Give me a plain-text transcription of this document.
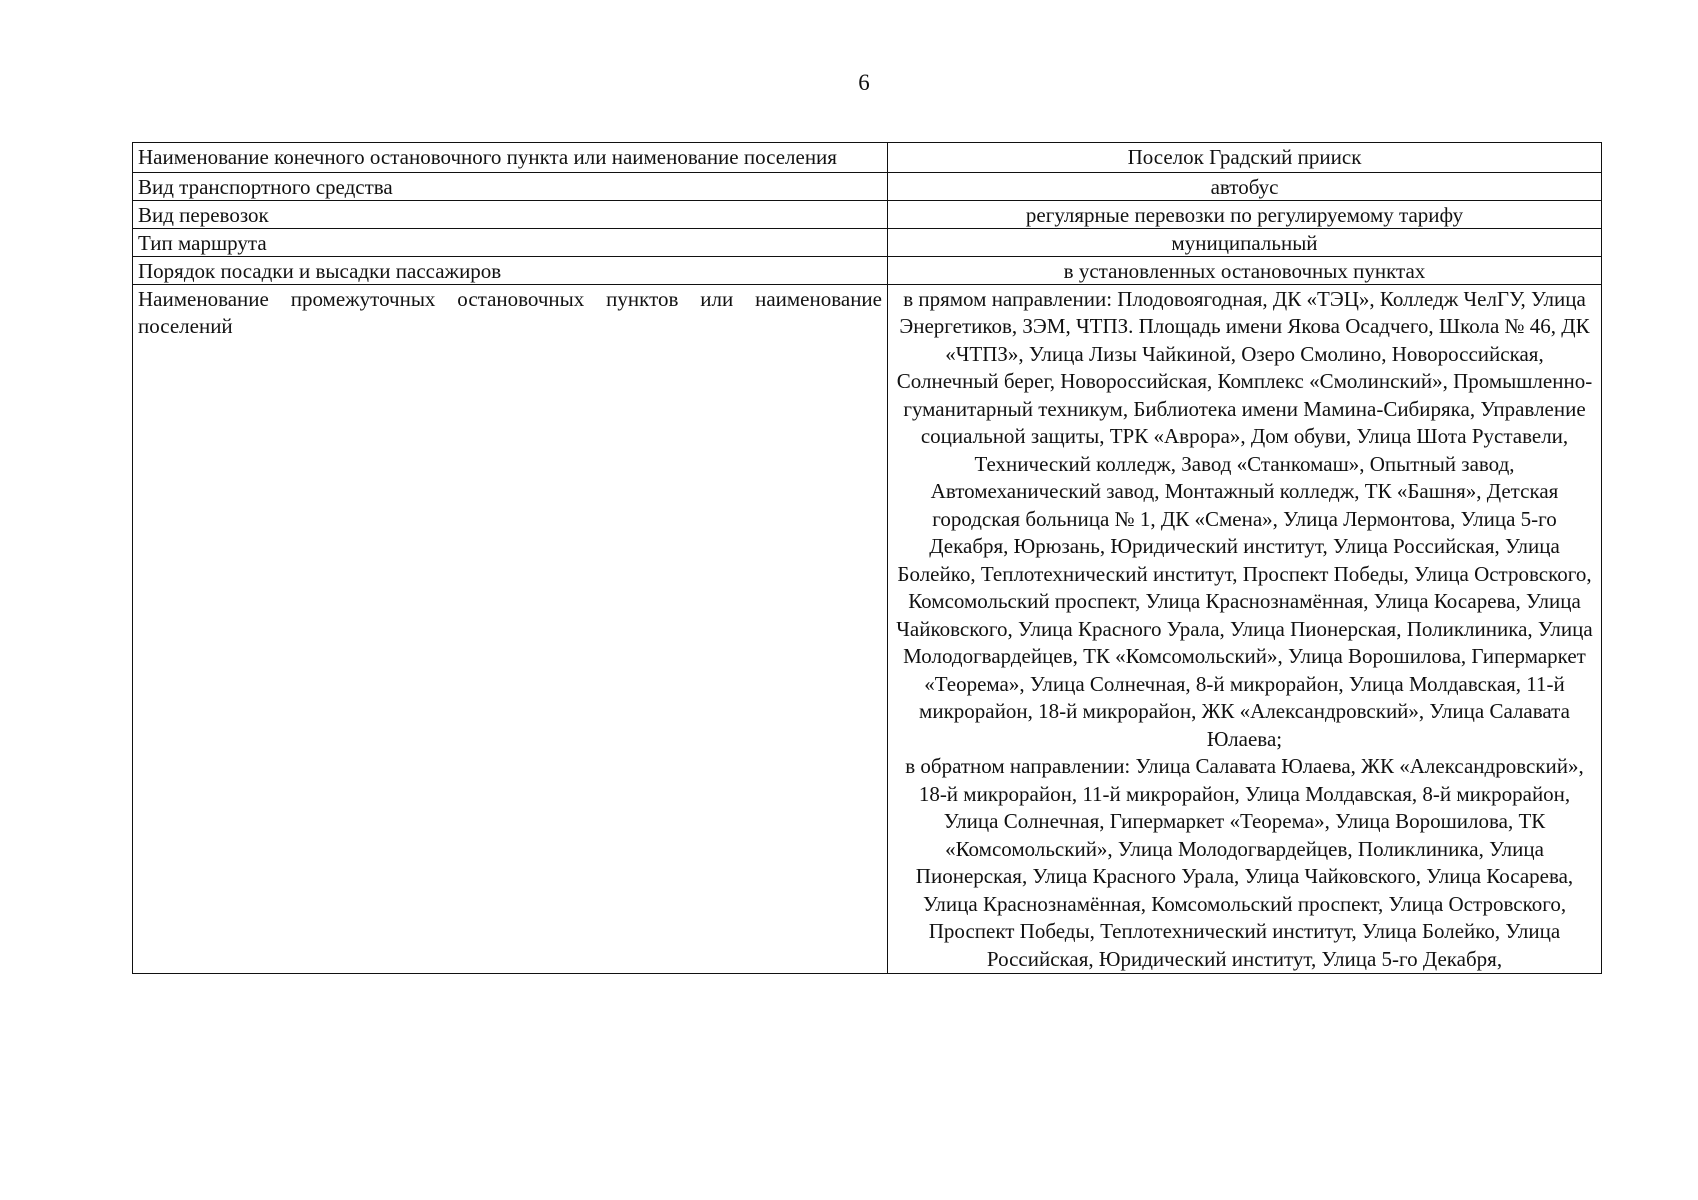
6
Наименование конечного остановочного пункта или наименование поселения	Поселок Градский прииск
Вид транспортного средства	автобус
Вид перевозок	регулярные перевозки по регулируемому тарифу
Тип маршрута	муниципальный
Порядок посадки и высадки пассажиров	в установленных остановочных пунктах
Наименование промежуточных остановочных пунктов или наименование поселений	в прямом направлении: Плодовоягодная, ДК «ТЭЦ», Колледж ЧелГУ, Улица Энергетиков, ЗЭМ, ЧТПЗ. Площадь имени Якова Осадчего, Школа № 46, ДК «ЧТПЗ», Улица Лизы Чайкиной, Озеро Смолино, Новороссийская, Солнечный берег, Новороссийская, Комплекс «Смолинский», Промышленно-гуманитарный техникум, Библиотека имени Мамина-Сибиряка, Управление социальной защиты, ТРК «Аврора», Дом обуви, Улица Шота Руставели, Технический колледж, Завод «Станкомаш», Опытный завод, Автомеханический завод, Монтажный колледж, ТК «Башня», Детская городская больница № 1, ДК «Смена», Улица Лермонтова, Улица 5-го Декабря, Юрюзань, Юридический институт, Улица Российская, Улица Болейко, Теплотехнический институт, Проспект Победы, Улица Островского, Комсомольский проспект, Улица Краснознамённая, Улица Косарева, Улица Чайковского, Улица Красного Урала, Улица Пионерская, Поликлиника, Улица Молодогвардейцев, ТК «Комсомольский», Улица Ворошилова, Гипермаркет «Теорема», Улица Солнечная, 8-й микрорайон, Улица Молдавская, 11-й микрорайон, 18-й микрорайон, ЖК «Александровский», Улица Салавата Юлаева;
в обратном направлении: Улица Салавата Юлаева, ЖК «Александровский», 18-й микрорайон, 11-й микрорайон, Улица Молдавская, 8-й микрорайон, Улица Солнечная, Гипермаркет «Теорема», Улица Ворошилова, ТК «Комсомольский», Улица Молодогвардейцев, Поликлиника, Улица Пионерская, Улица Красного Урала, Улица Чайковского, Улица Косарева, Улица Краснознамённая, Комсомольский проспект, Улица Островского, Проспект Победы, Теплотехнический институт, Улица Болейко, Улица Российская, Юридический институт, Улица 5-го Декабря,
